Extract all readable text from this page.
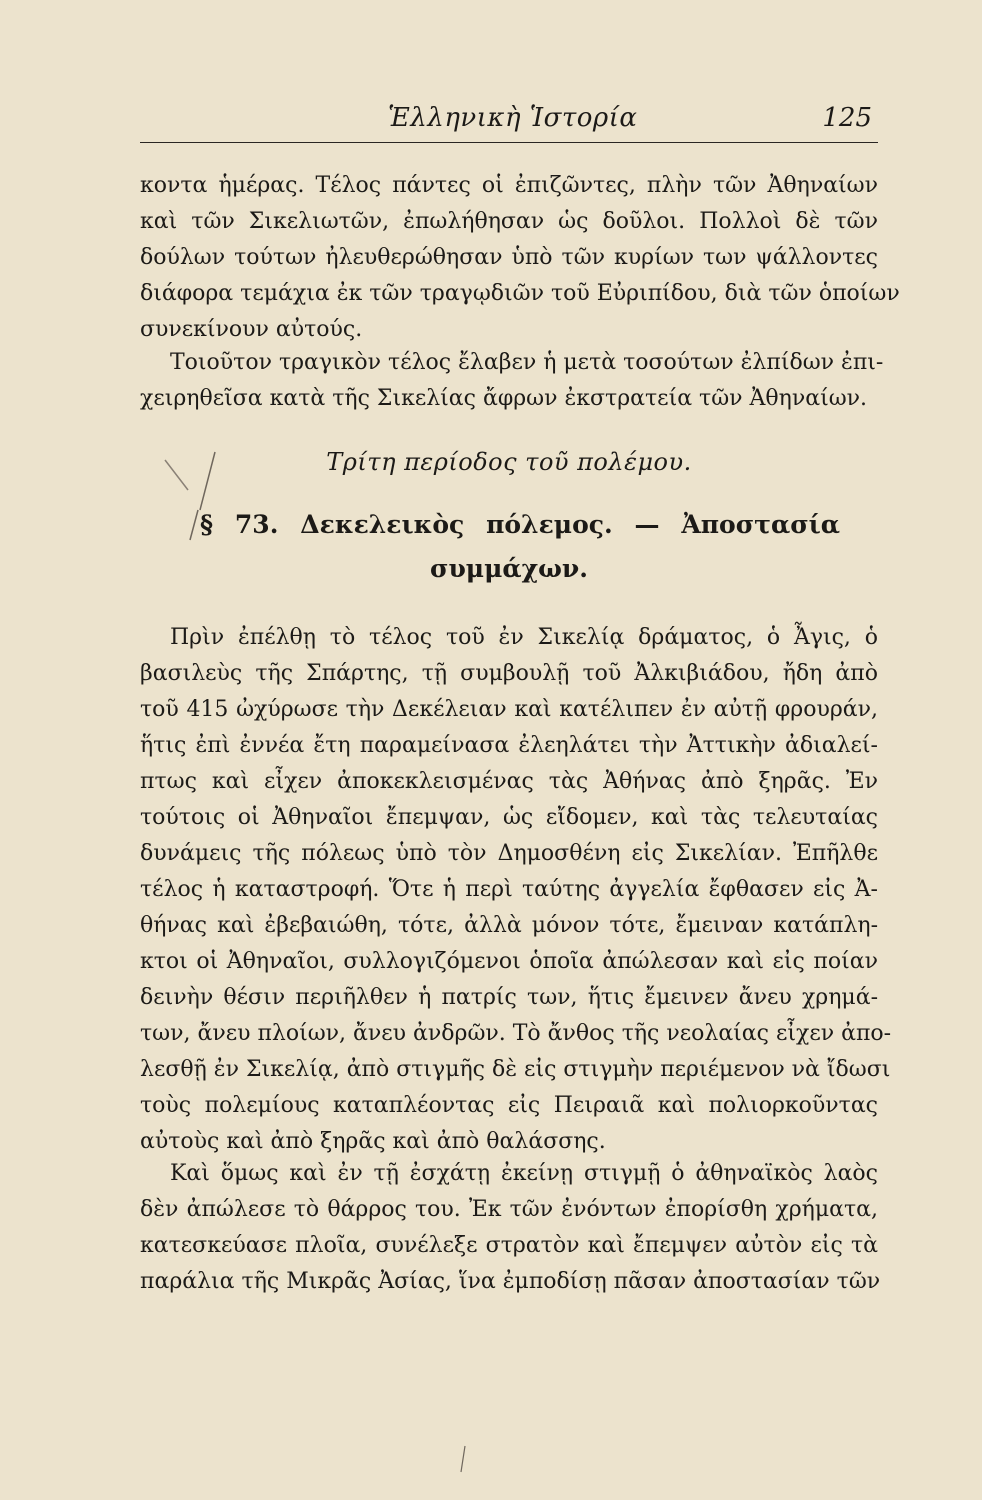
Ἑλληνικὴ Ἱστορία	125
κοντα ἡμέρας. Τέλος πάντες οἱ ἐπιζῶντες, πλὴν τῶν Ἀθηναίων
καὶ τῶν Σικελιωτῶν, ἐπωλήθησαν ὡς δοῦλοι. Πολλοὶ δὲ τῶν
δούλων τούτων ἠλευθερώθησαν ὑπὸ τῶν κυρίων των ψάλλοντες
διάφορα τεμάχια ἐκ τῶν τραγῳδιῶν τοῦ Εὐριπίδου, διὰ τῶν ὁποίων
συνεκίνουν αὐτούς.
Τοιοῦτον τραγικὸν τέλος ἔλαβεν ἡ μετὰ τοσούτων ἐλπίδων ἐπι-
χειρηθεῖσα κατὰ τῆς Σικελίας ἄφρων ἐκστρατεία τῶν Ἀθηναίων.
Τρίτη περίοδος τοῦ πολέμου.
§ 73. Δεκελεικὸς πόλεμος. — Ἀποστασία
συμμάχων.
Πρὶν ἐπέλθῃ τὸ τέλος τοῦ ἐν Σικελίᾳ δράματος, ὁ Ἆγις, ὁ
βασιλεὺς τῆς Σπάρτης, τῇ συμβουλῇ τοῦ Ἀλκιβιάδου, ἤδη ἀπὸ
τοῦ 415 ὠχύρωσε τὴν Δεκέλειαν καὶ κατέλιπεν ἐν αὐτῇ φρουράν,
ἥτις ἐπὶ ἐννέα ἔτη παραμείνασα ἐλεηλάτει τὴν Ἀττικὴν ἀδιαλεί-
πτως καὶ εἶχεν ἀποκεκλεισμένας τὰς Ἀθήνας ἀπὸ ξηρᾶς. Ἐν
τούτοις οἱ Ἀθηναῖοι ἔπεμψαν, ὡς εἴδομεν, καὶ τὰς τελευταίας
δυνάμεις τῆς πόλεως ὑπὸ τὸν Δημοσθένη εἰς Σικελίαν. Ἐπῆλθε
τέλος ἡ καταστροφή. Ὅτε ἡ περὶ ταύτης ἀγγελία ἔφθασεν εἰς Ἀ-
θήνας καὶ ἐβεβαιώθη, τότε, ἀλλὰ μόνον τότε, ἔμειναν κατάπλη-
κτοι οἱ Ἀθηναῖοι, συλλογιζόμενοι ὁποῖα ἀπώλεσαν καὶ εἰς ποίαν
δεινὴν θέσιν περιῆλθεν ἡ πατρίς των, ἥτις ἔμεινεν ἄνευ χρημά-
των, ἄνευ πλοίων, ἄνευ ἀνδρῶν. Τὸ ἄνθος τῆς νεολαίας εἶχεν ἀπο-
λεσθῇ ἐν Σικελίᾳ, ἀπὸ στιγμῆς δὲ εἰς στιγμὴν περιέμενον νὰ ἴδωσι
τοὺς πολεμίους καταπλέοντας εἰς Πειραιᾶ καὶ πολιορκοῦντας
αὐτοὺς καὶ ἀπὸ ξηρᾶς καὶ ἀπὸ θαλάσσης.
Καὶ ὅμως καὶ ἐν τῇ ἐσχάτῃ ἐκείνῃ στιγμῇ ὁ ἀθηναϊκὸς λαὸς
δὲν ἀπώλεσε τὸ θάρρος του. Ἐκ τῶν ἐνόντων ἐπορίσθη χρήματα,
κατεσκεύασε πλοῖα, συνέλεξε στρατὸν καὶ ἔπεμψεν αὐτὸν εἰς τὰ
παράλια τῆς Μικρᾶς Ἀσίας, ἵνα ἐμποδίσῃ πᾶσαν ἀποστασίαν τῶν
